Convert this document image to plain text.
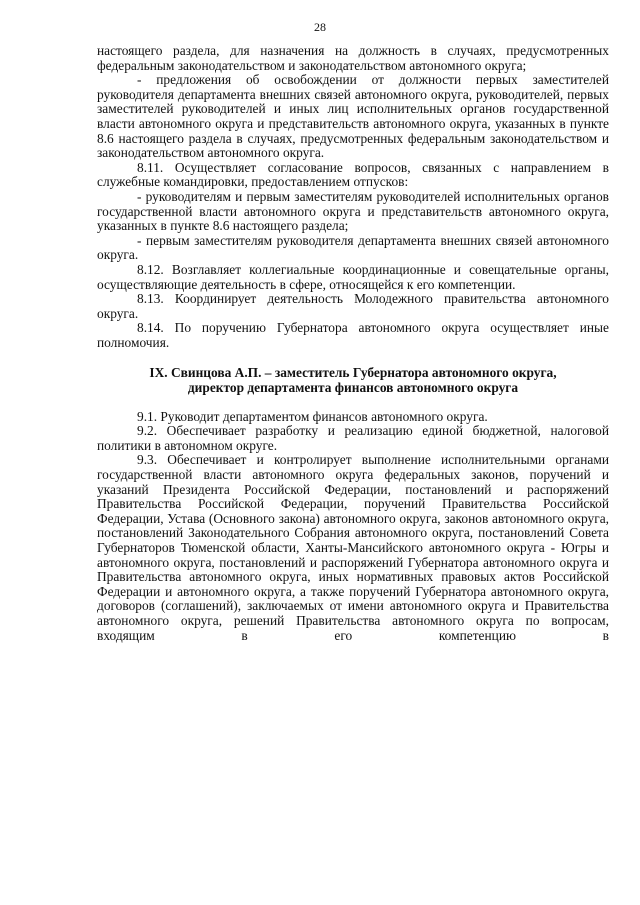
28

настоящего раздела, для назначения на должность в случаях, предусмотренных федеральным законодательством и законодательством автономного округа;

- предложения об освобождении от должности первых заместителей руководителя департамента внешних связей автономного округа, руководителей, первых заместителей руководителей и иных лиц исполнительных органов государственной власти автономного округа и представительств автономного округа, указанных в пункте 8.6 настоящего раздела в случаях, предусмотренных федеральным законодательством и законодательством автономного округа.

8.11. Осуществляет согласование вопросов, связанных с направлением в служебные командировки, предоставлением отпусков:

- руководителям и первым заместителям руководителей исполнительных органов государственной власти автономного округа и представительств автономного округа, указанных в пункте 8.6 настоящего раздела;

- первым заместителям руководителя департамента внешних связей автономного округа.

8.12. Возглавляет коллегиальные координационные и совещательные органы, осуществляющие деятельность в сфере, относящейся к его компетенции.

8.13. Координирует деятельность Молодежного правительства автономного округа.

8.14. По поручению Губернатора автономного округа осуществляет иные полномочия.

IX. Свинцова А.П. – заместитель Губернатора автономного округа,
директор департамента финансов автономного округа

9.1. Руководит департаментом финансов автономного округа.

9.2. Обеспечивает разработку и реализацию единой бюджетной, налоговой политики в автономном округе.

9.3. Обеспечивает и контролирует выполнение исполнительными органами государственной власти автономного округа федеральных законов, поручений и указаний Президента Российской Федерации, постановлений и распоряжений Правительства Российской Федерации, поручений Правительства Российской Федерации, Устава (Основного закона) автономного округа, законов автономного округа, постановлений Законодательного Собрания автономного округа, постановлений Совета Губернаторов Тюменской области, Ханты-Мансийского автономного округа - Югры и автономного округа, постановлений и распоряжений Губернатора автономного округа и Правительства автономного округа, иных нормативных правовых актов Российской Федерации и автономного округа, а также поручений Губернатора автономного округа, договоров (соглашений), заключаемых от имени автономного округа и Правительства автономного округа, решений Правительства автономного округа по вопросам, входящим в его компетенцию в
